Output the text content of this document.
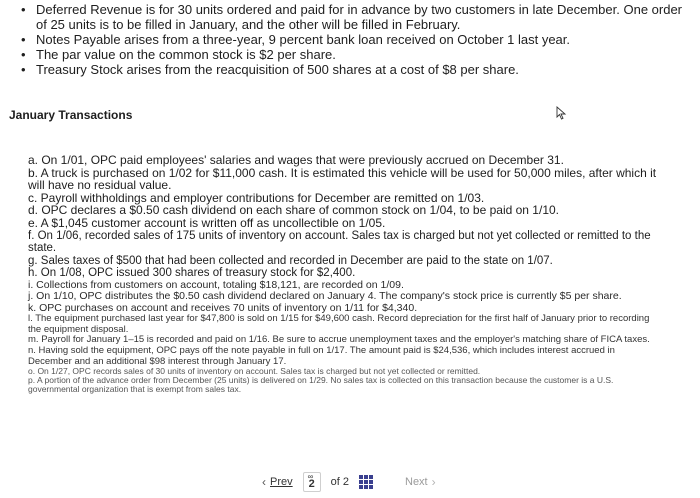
• Deferred Revenue is for 30 units ordered and paid for in advance by two customers in late December. One order of 25 units is to be filled in January, and the other will be filled in February.

• Notes Payable arises from a three-year, 9 percent bank loan received on October 1 last year.

• The par value on the common stock is $2 per share.

• Treasury Stock arises from the reacquisition of 500 shares at a cost of $8 per share.

January Transactions

a. On 1/01, OPC paid employees' salaries and wages that were previously accrued on December 31.

b. A truck is purchased on 1/02 for $11,000 cash. It is estimated this vehicle will be used for 50,000 miles, after which it will have no residual value.

c. Payroll withholdings and employer contributions for December are remitted on 1/03.

d. OPC declares a $0.50 cash dividend on each share of common stock on 1/04, to be paid on 1/10.

e. A $1,045 customer account is written off as uncollectible on 1/05.

f. On 1/06, recorded sales of 175 units of inventory on account. Sales tax is charged but not yet collected or remitted to the state.

g. Sales taxes of $500 that had been collected and recorded in December are paid to the state on 1/07.

h. On 1/08, OPC issued 300 shares of treasury stock for $2,400.

i. Collections from customers on account, totaling $18,121, are recorded on 1/09.

j. On 1/10, OPC distributes the $0.50 cash dividend declared on January 4. The company's stock price is currently $5 per share.

k. OPC purchases on account and receives 70 units of inventory on 1/11 for $4,340.

l. The equipment purchased last year for $47,800 is sold on 1/15 for $49,600 cash. Record depreciation for the first half of January prior to recording the equipment disposal.

m. Payroll for January 1–15 is recorded and paid on 1/16. Be sure to accrue unemployment taxes and the employer's matching share of FICA taxes.

n. Having sold the equipment, OPC pays off the note payable in full on 1/17. The amount paid is $24,536, which includes interest accrued in December and an additional $98 interest through January 17.

o. On 1/27, OPC records sales of 30 units of inventory on account. Sales tax is charged but not yet collected or remitted.

p. A portion of the advance order from December (25 units) is delivered on 1/29. No sales tax is collected on this transaction because the customer is a U.S. governmental organization that is exempt from sales tax.

‹ Prev ∞
2 of 2	Next ›
